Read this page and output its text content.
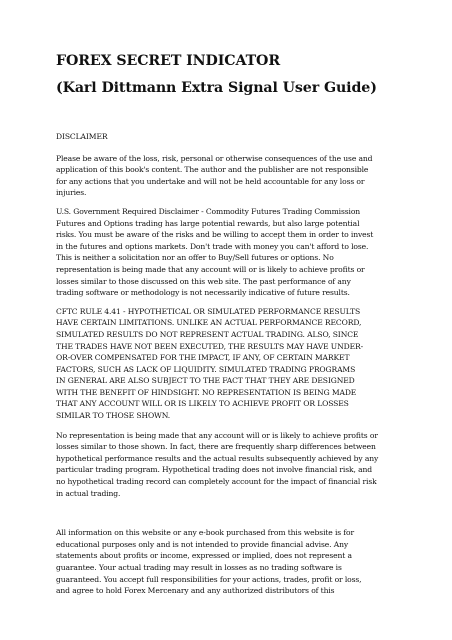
FOREX SECRET INDICATOR
(Karl Dittmann Extra Signal User Guide)

DISCLAIMER

Please be aware of the loss, risk, personal or otherwise consequences of the use and
application of this book's content. The author and the publisher are not responsible
for any actions that you undertake and will not be held accountable for any loss or
injuries.

U.S. Government Required Disclaimer - Commodity Futures Trading Commission
Futures and Options trading has large potential rewards, but also large potential
risks. You must be aware of the risks and be willing to accept them in order to invest
in the futures and options markets. Don't trade with money you can't afford to lose.
This is neither a solicitation nor an offer to Buy/Sell futures or options. No
representation is being made that any account will or is likely to achieve profits or
losses similar to those discussed on this web site. The past performance of any
trading software or methodology is not necessarily indicative of future results.

CFTC RULE 4.41 - HYPOTHETICAL OR SIMULATED PERFORMANCE RESULTS
HAVE CERTAIN LIMITATIONS. UNLIKE AN ACTUAL PERFORMANCE RECORD,
SIMULATED RESULTS DO NOT REPRESENT ACTUAL TRADING. ALSO, SINCE
THE TRADES HAVE NOT BEEN EXECUTED, THE RESULTS MAY HAVE UNDER-
OR-OVER COMPENSATED FOR THE IMPACT, IF ANY, OF CERTAIN MARKET
FACTORS, SUCH AS LACK OF LIQUIDITY. SIMULATED TRADING PROGRAMS
IN GENERAL ARE ALSO SUBJECT TO THE FACT THAT THEY ARE DESIGNED
WITH THE BENEFIT OF HINDSIGHT. NO REPRESENTATION IS BEING MADE
THAT ANY ACCOUNT WILL OR IS LIKELY TO ACHIEVE PROFIT OR LOSSES
SIMILAR TO THOSE SHOWN.

No representation is being made that any account will or is likely to achieve profits or
losses similar to those shown. In fact, there are frequently sharp differences between
hypothetical performance results and the actual results subsequently achieved by any
particular trading program. Hypothetical trading does not involve financial risk, and
no hypothetical trading record can completely account for the impact of financial risk
in actual trading.

All information on this website or any e-book purchased from this website is for
educational purposes only and is not intended to provide financial advise. Any
statements about profits or income, expressed or implied, does not represent a
guarantee. Your actual trading may result in losses as no trading software is
guaranteed. You accept full responsibilities for your actions, trades, profit or loss,
and agree to hold Forex Mercenary and any authorized distributors of this
